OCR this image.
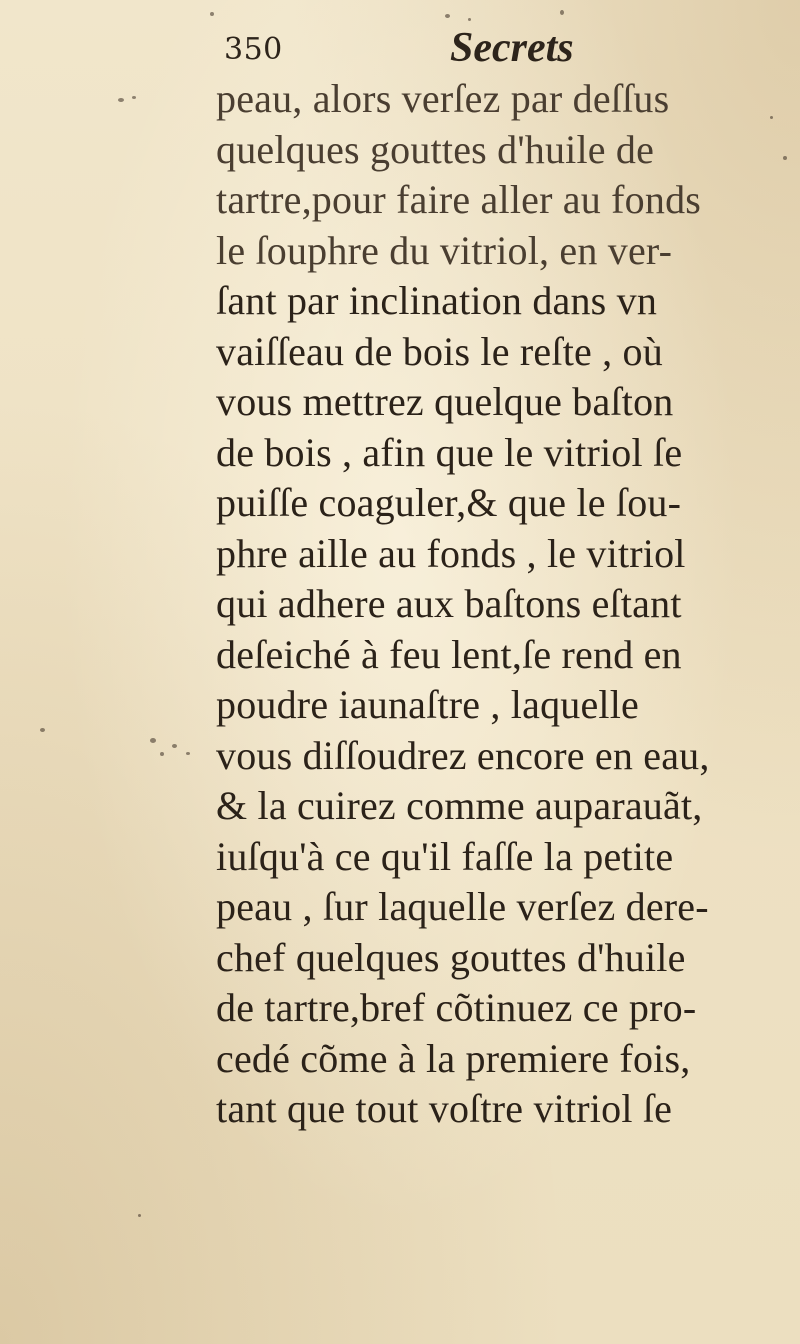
350	Secrets
peau, alors verſez par deſſus
quelques gouttes d'huile de
tartre,pour faire aller au fonds
le ſouphre du vitriol, en ver-
ſant par inclination dans vn
vaiſſeau de bois le reſte , où
vous mettrez quelque baſton
de bois , afin que le vitriol ſe
puiſſe coaguler,& que le ſou-
phre aille au fonds , le vitriol
qui adhere aux baſtons eſtant
deſeiché à feu lent,ſe rend en
poudre iaunaſtre , laquelle
vous diſſoudrez encore en eau,
& la cuirez comme auparauãt,
iuſqu'à ce qu'il faſſe la petite
peau , ſur laquelle verſez dere-
chef quelques gouttes d'huile
de tartre,bref cõtinuez ce pro-
cedé cõme à la premiere fois,
tant que tout voſtre vitriol ſe
